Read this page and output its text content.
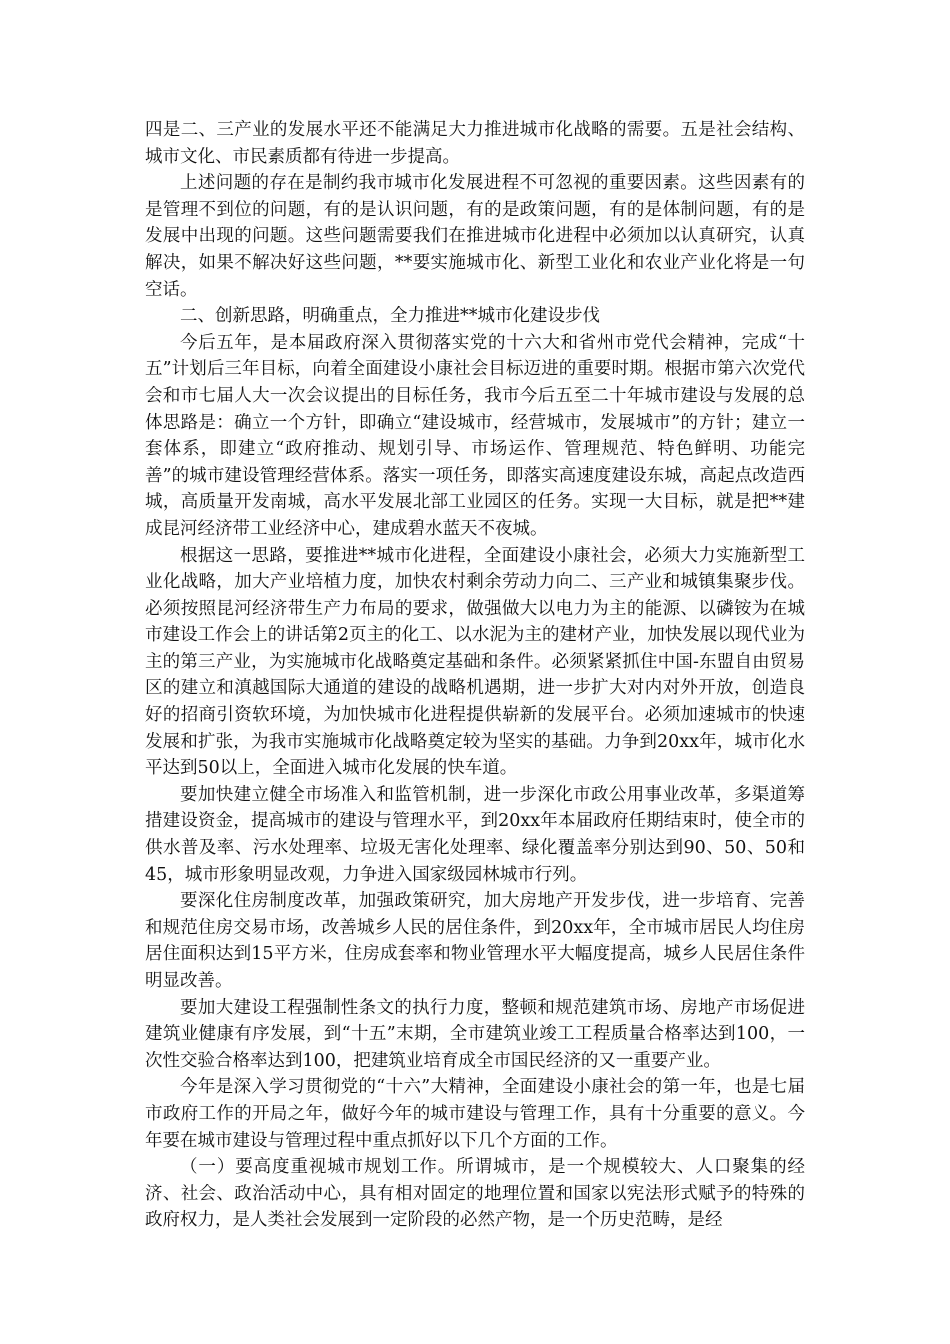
四是二、三产业的发展水平还不能满足大力推进城市化战略的需要。五是社会结构、城市文化、市民素质都有待进一步提高。

上述问题的存在是制约我市城市化发展进程不可忽视的重要因素。这些因素有的是管理不到位的问题，有的是认识问题，有的是政策问题，有的是体制问题，有的是发展中出现的问题。这些问题需要我们在推进城市化进程中必须加以认真研究，认真解决，如果不解决好这些问题，**要实施城市化、新型工业化和农业产业化将是一句空话。

二、创新思路，明确重点，全力推进**城市化建设步伐

今后五年，是本届政府深入贯彻落实党的十六大和省州市党代会精神，完成“十五”计划后三年目标，向着全面建设小康社会目标迈进的重要时期。根据市第六次党代会和市七届人大一次会议提出的目标任务，我市今后五至二十年城市建设与发展的总体思路是：确立一个方针，即确立“建设城市，经营城市，发展城市”的方针；建立一套体系，即建立“政府推动、规划引导、市场运作、管理规范、特色鲜明、功能完善”的城市建设管理经营体系。落实一项任务，即落实高速度建设东城，高起点改造西城，高质量开发南城，高水平发展北部工业园区的任务。实现一大目标，就是把**建成昆河经济带工业经济中心，建成碧水蓝天不夜城。

根据这一思路，要推进**城市化进程，全面建设小康社会，必须大力实施新型工业化战略，加大产业培植力度，加快农村剩余劳动力向二、三产业和城镇集聚步伐。必须按照昆河经济带生产力布局的要求，做强做大以电力为主的能源、以磷铵为在城市建设工作会上的讲话第2页主的化工、以水泥为主的建材产业，加快发展以现代业为主的第三产业，为实施城市化战略奠定基础和条件。必须紧紧抓住中国-东盟自由贸易区的建立和滇越国际大通道的建设的战略机遇期，进一步扩大对内对外开放，创造良好的招商引资软环境，为加快城市化进程提供崭新的发展平台。必须加速城市的快速发展和扩张，为我市实施城市化战略奠定较为坚实的基础。力争到20xx年，城市化水平达到50以上，全面进入城市化发展的快车道。

要加快建立健全市场准入和监管机制，进一步深化市政公用事业改革，多渠道筹措建设资金，提高城市的建设与管理水平，到20xx年本届政府任期结束时，使全市的供水普及率、污水处理率、垃圾无害化处理率、绿化覆盖率分别达到90、50、50和45，城市形象明显改观，力争进入国家级园林城市行列。

要深化住房制度改革，加强政策研究，加大房地产开发步伐，进一步培育、完善和规范住房交易市场，改善城乡人民的居住条件，到20xx年，全市城市居民人均住房居住面积达到15平方米，住房成套率和物业管理水平大幅度提高，城乡人民居住条件明显改善。

要加大建设工程强制性条文的执行力度，整顿和规范建筑市场、房地产市场促进建筑业健康有序发展，到“十五”末期，全市建筑业竣工工程质量合格率达到100，一次性交验合格率达到100，把建筑业培育成全市国民经济的又一重要产业。

今年是深入学习贯彻党的“十六”大精神，全面建设小康社会的第一年，也是七届市政府工作的开局之年，做好今年的城市建设与管理工作，具有十分重要的意义。今年要在城市建设与管理过程中重点抓好以下几个方面的工作。

（一）要高度重视城市规划工作。所谓城市，是一个规模较大、人口聚集的经济、社会、政治活动中心，具有相对固定的地理位置和国家以宪法形式赋予的特殊的政府权力，是人类社会发展到一定阶段的必然产物，是一个历史范畴，是经
